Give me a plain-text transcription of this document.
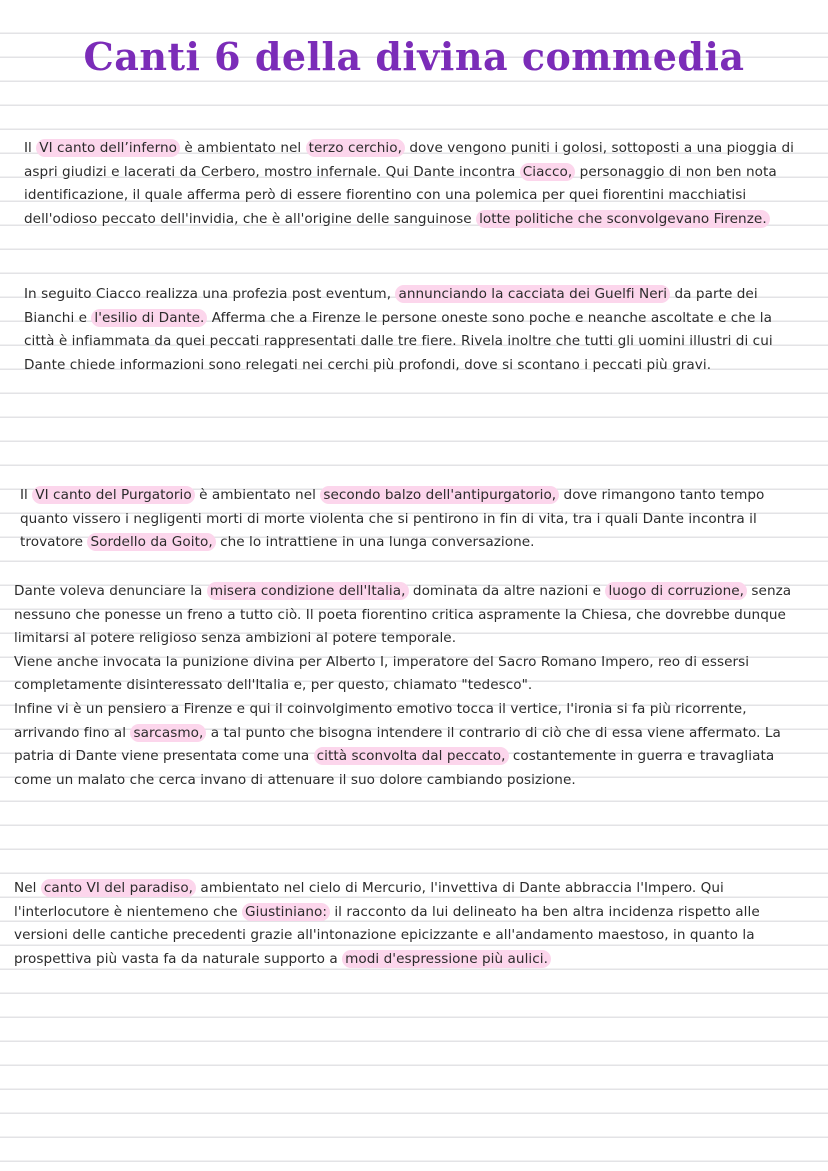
Canti 6 della divina commedia

Il VI canto dell’inferno è ambientato nel terzo cerchio, dove vengono puniti i golosi, sottoposti a una pioggia di aspri giudizi e lacerati da Cerbero, mostro infernale. Qui Dante incontra Ciacco, personaggio di non ben nota identificazione, il quale afferma però di essere fiorentino con una polemica per quei fiorentini macchiatisi dell'odioso peccato dell'invidia, che è all'origine delle sanguinose lotte politiche che sconvolgevano Firenze.

In seguito Ciacco realizza una profezia post eventum, annunciando la cacciata dei Guelfi Neri da parte dei Bianchi e l'esilio di Dante. Afferma che a Firenze le persone oneste sono poche e neanche ascoltate e che la città è infiammata da quei peccati rappresentati dalle tre fiere. Rivela inoltre che tutti gli uomini illustri di cui Dante chiede informazioni sono relegati nei cerchi più profondi, dove si scontano i peccati più gravi.

Il VI canto del Purgatorio è ambientato nel secondo balzo dell'antipurgatorio, dove rimangono tanto tempo quanto vissero i negligenti morti di morte violenta che si pentirono in fin di vita, tra i quali Dante incontra il trovatore Sordello da Goito, che lo intrattiene in una lunga conversazione.

Dante voleva denunciare la misera condizione dell'Italia, dominata da altre nazioni e luogo di corruzione, senza nessuno che ponesse un freno a tutto ciò. Il poeta fiorentino critica aspramente la Chiesa, che dovrebbe dunque limitarsi al potere religioso senza ambizioni al potere temporale.
Viene anche invocata la punizione divina per Alberto I, imperatore del Sacro Romano Impero, reo di essersi completamente disinteressato dell'Italia e, per questo, chiamato "tedesco".
Infine vi è un pensiero a Firenze e qui il coinvolgimento emotivo tocca il vertice, l'ironia si fa più ricorrente, arrivando fino al sarcasmo, a tal punto che bisogna intendere il contrario di ciò che di essa viene affermato. La patria di Dante viene presentata come una città sconvolta dal peccato, costantemente in guerra e travagliata come un malato che cerca invano di attenuare il suo dolore cambiando posizione.

Nel canto VI del paradiso, ambientato nel cielo di Mercurio, l'invettiva di Dante abbraccia l'Impero. Qui l'interlocutore è nientemeno che Giustiniano: il racconto da lui delineato ha ben altra incidenza rispetto alle versioni delle cantiche precedenti grazie all'intonazione epicizzante e all'andamento maestoso, in quanto la prospettiva più vasta fa da naturale supporto a modi d'espressione più aulici.
